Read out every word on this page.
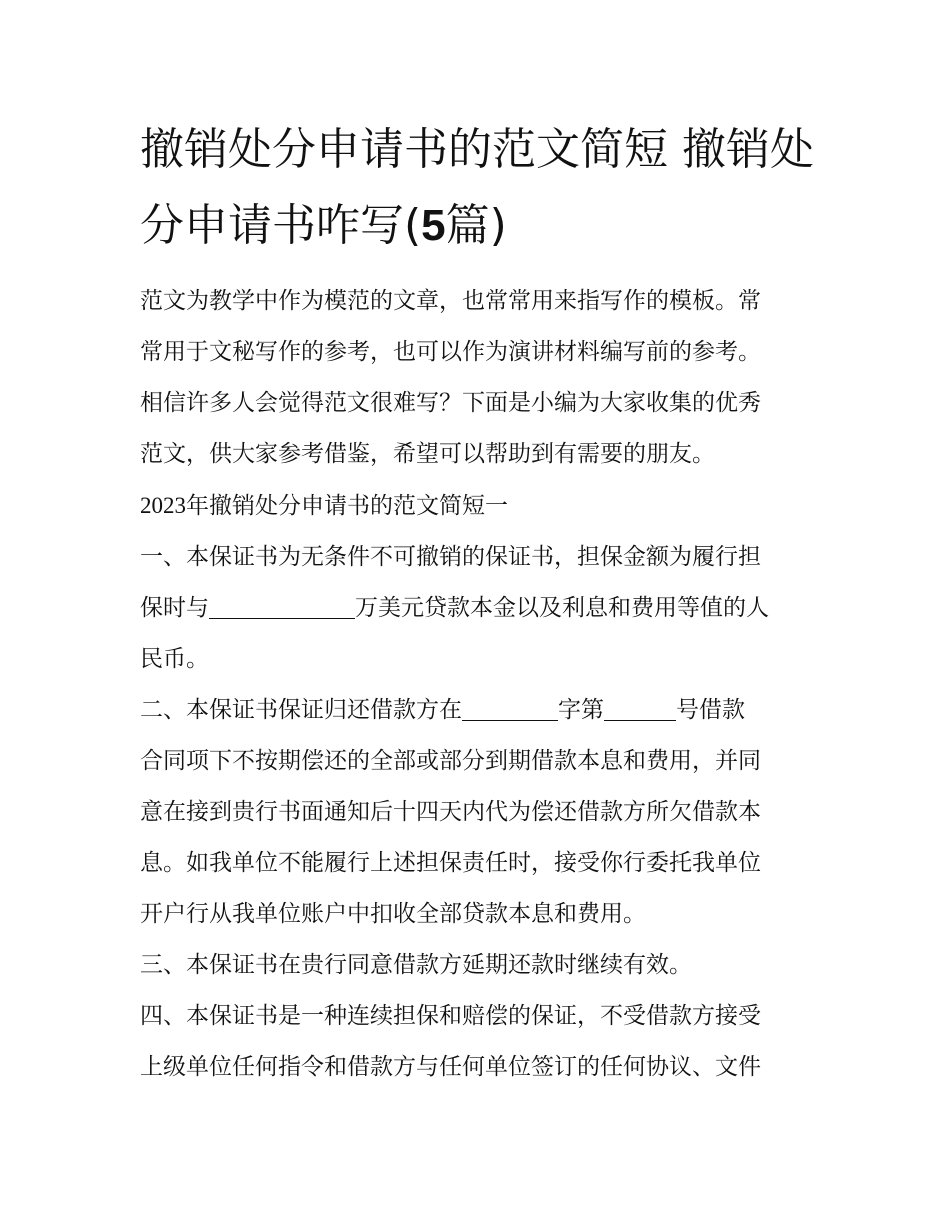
撤销处分申请书的范文简短 撤销处分申请书咋写(5篇)

范文为教学中作为模范的文章，也常常用来指写作的模板。常

常用于文秘写作的参考，也可以作为演讲材料编写前的参考。

相信许多人会觉得范文很难写？下面是小编为大家收集的优秀

范文，供大家参考借鉴，希望可以帮助到有需要的朋友。

2023年撤销处分申请书的范文简短一

一、本保证书为无条件不可撤销的保证书，担保金额为履行担

保时与	万美元贷款本金以及利息和费用等值的人

民币。

二、本保证书保证归还借款方在	字第	号借款

合同项下不按期偿还的全部或部分到期借款本息和费用，并同

意在接到贵行书面通知后十四天内代为偿还借款方所欠借款本

息。如我单位不能履行上述担保责任时，接受你行委托我单位

开户行从我单位账户中扣收全部贷款本息和费用。

三、本保证书在贵行同意借款方延期还款时继续有效。

四、本保证书是一种连续担保和赔偿的保证，不受借款方接受

上级单位任何指令和借款方与任何单位签订的任何协议、文件
